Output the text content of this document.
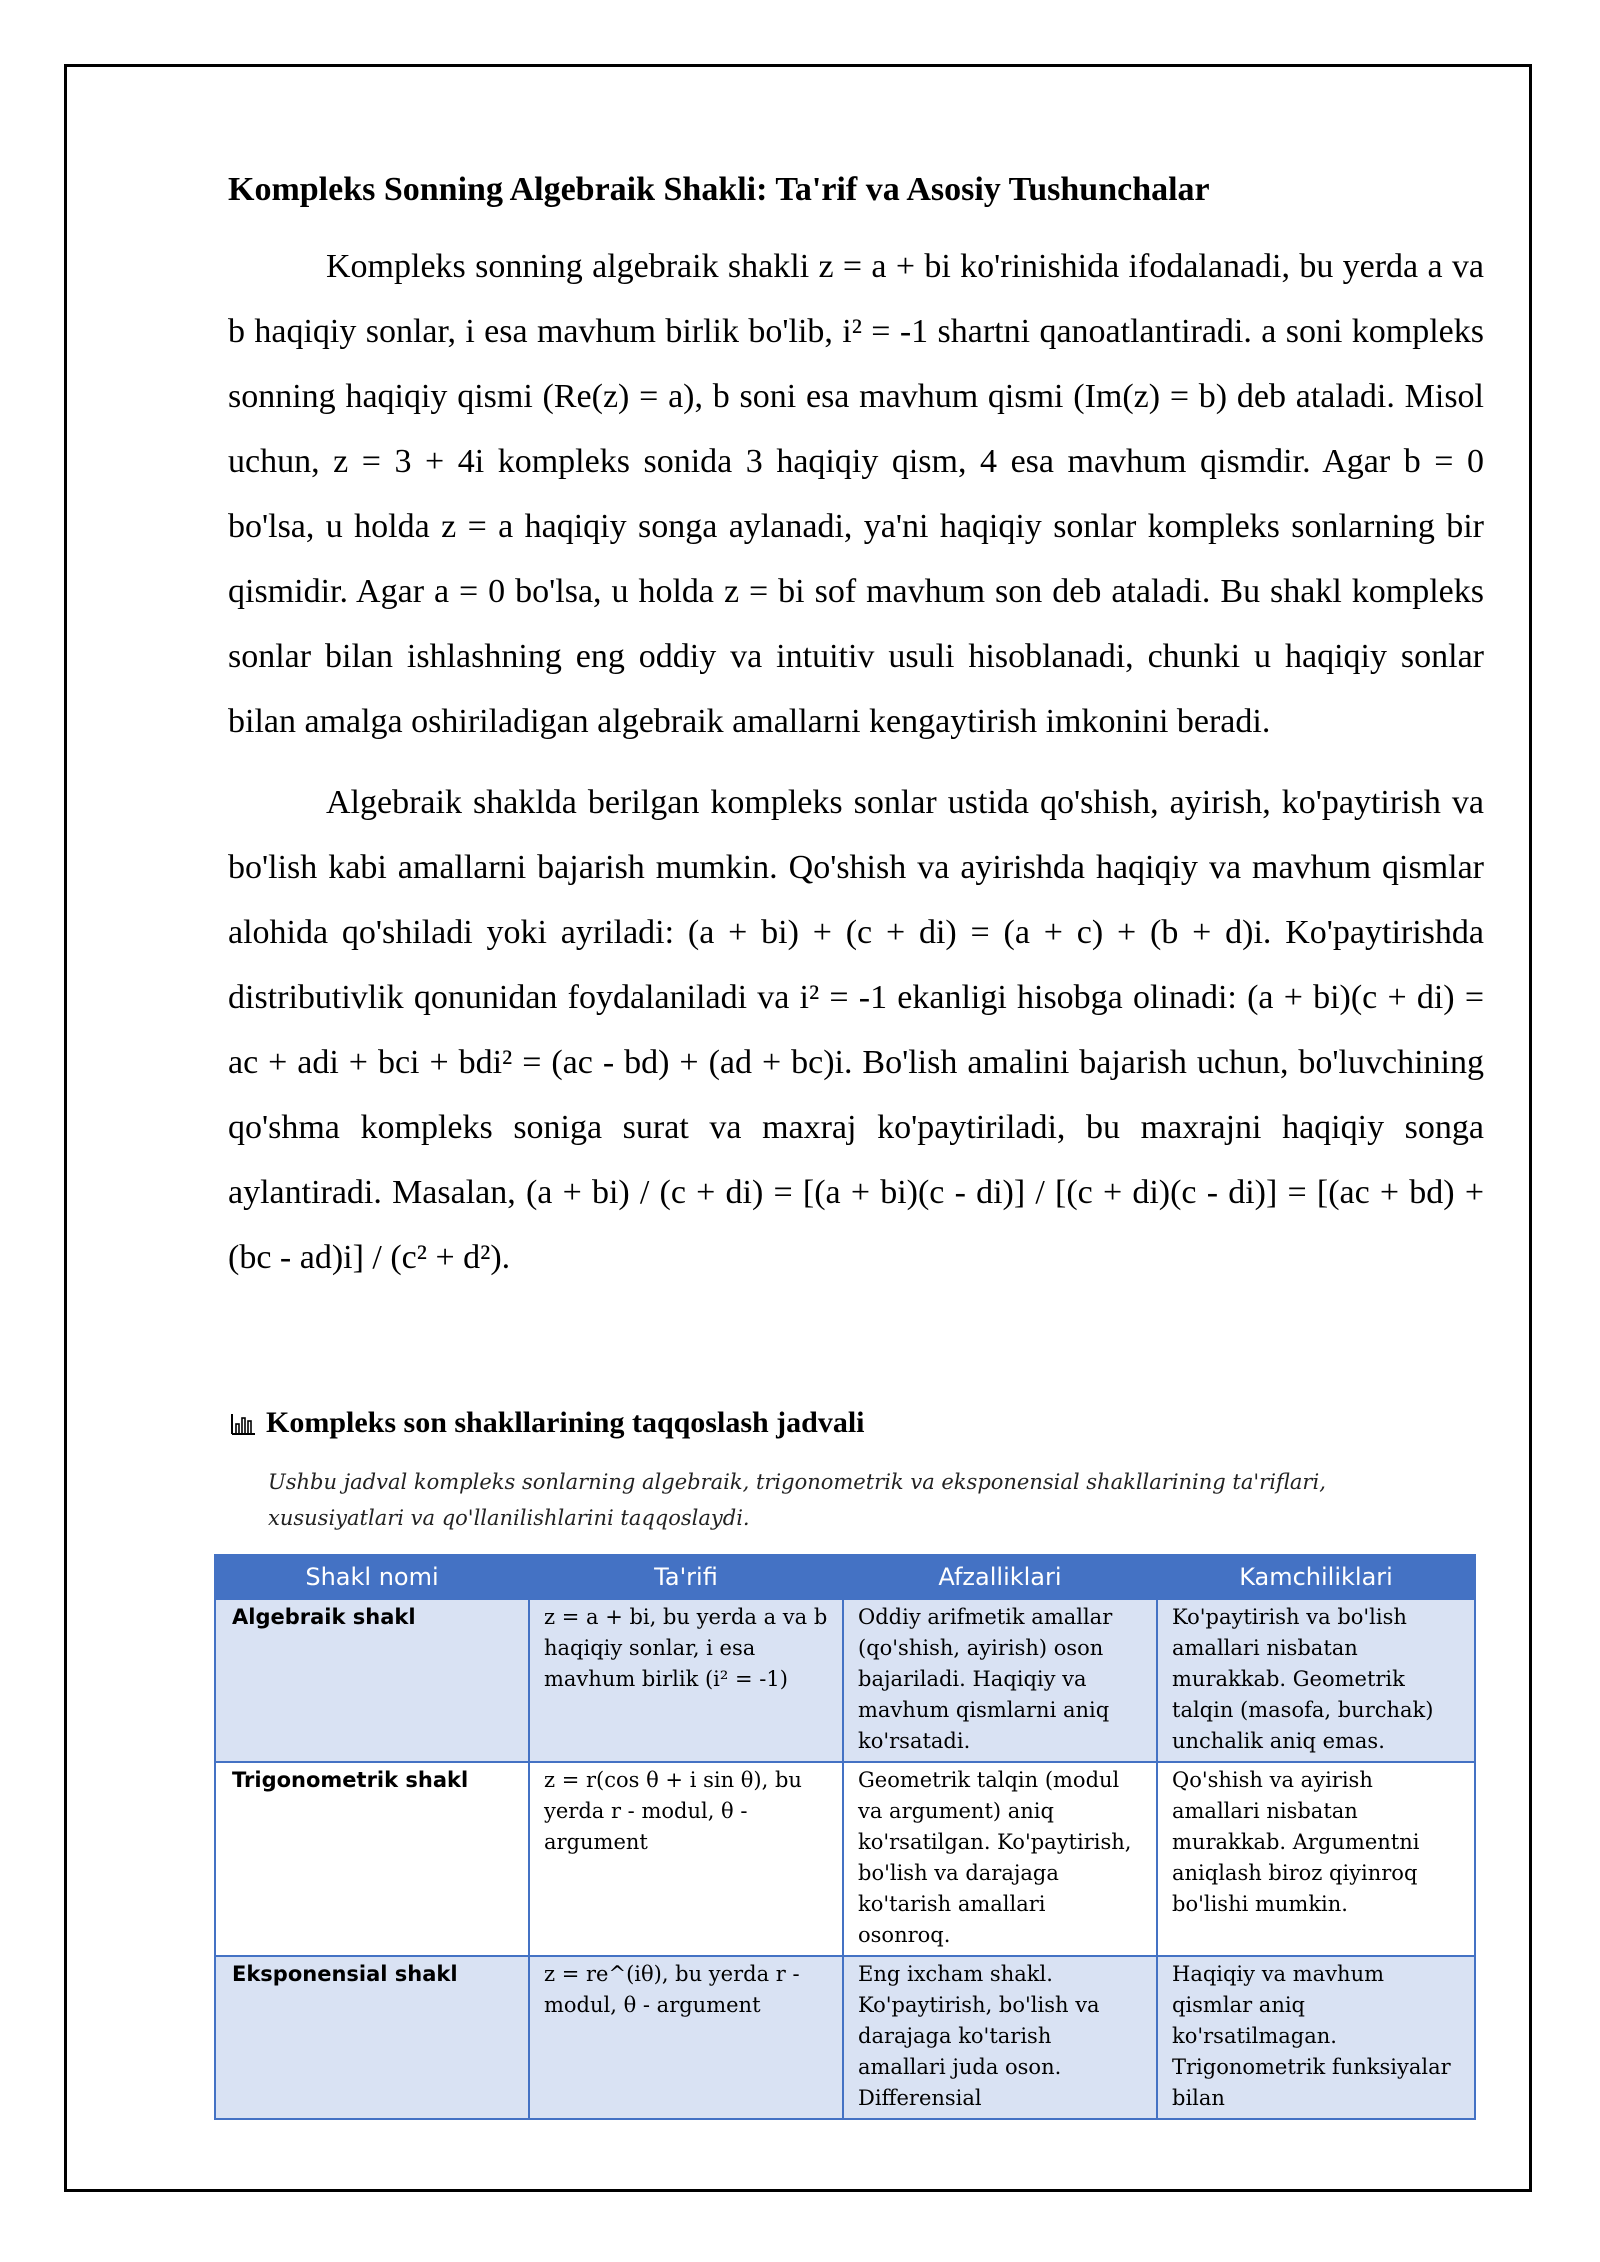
Kompleks Sonning Algebraik Shakli: Ta'rif va Asosiy Tushunchalar

Kompleks sonning algebraik shakli z = a + bi ko'rinishida ifodalanadi, bu yerda a va b haqiqiy sonlar, i esa mavhum birlik bo'lib, i² = -1 shartni qanoatlantiradi. a soni kompleks sonning haqiqiy qismi (Re(z) = a), b soni esa mavhum qismi (Im(z) = b) deb ataladi. Misol uchun, z = 3 + 4i kompleks sonida 3 haqiqiy qism, 4 esa mavhum qismdir. Agar b = 0 bo'lsa, u holda z = a haqiqiy songa aylanadi, ya'ni haqiqiy sonlar kompleks sonlarning bir qismidir. Agar a = 0 bo'lsa, u holda z = bi sof mavhum son deb ataladi. Bu shakl kompleks sonlar bilan ishlashning eng oddiy va intuitiv usuli hisoblanadi, chunki u haqiqiy sonlar bilan amalga oshiriladigan algebraik amallarni kengaytirish imkonini beradi.

Algebraik shaklda berilgan kompleks sonlar ustida qo'shish, ayirish, ko'paytirish va bo'lish kabi amallarni bajarish mumkin. Qo'shish va ayirishda haqiqiy va mavhum qismlar alohida qo'shiladi yoki ayriladi: (a + bi) + (c + di) = (a + c) + (b + d)i. Ko'paytirishda distributivlik qonunidan foydalaniladi va i² = -1 ekanligi hisobga olinadi: (a + bi)(c + di) = ac + adi + bci + bdi² = (ac - bd) + (ad + bc)i. Bo'lish amalini bajarish uchun, bo'luvchining qo'shma kompleks soniga surat va maxraj ko'paytiriladi, bu maxrajni haqiqiy songa aylantiradi. Masalan, (a + bi) / (c + di) = [(a + bi)(c - di)] / [(c + di)(c - di)] = [(ac + bd) + (bc - ad)i] / (c² + d²).

Kompleks son shakllarining taqqoslash jadvali
Ushbu jadval kompleks sonlarning algebraik, trigonometrik va eksponensial shakllarining ta'riflari, xususiyatlari va qo'llanilishlarini taqqoslaydi.
Shakl nomi	Ta'rifi	Afzalliklari	Kamchiliklari
Algebraik shakl	z = a + bi, bu yerda a va b haqiqiy sonlar, i esa mavhum birlik (i² = -1)	Oddiy arifmetik amallar (qo'shish, ayirish) oson bajariladi. Haqiqiy va mavhum qismlarni aniq ko'rsatadi.	Ko'paytirish va bo'lish amallari nisbatan murakkab. Geometrik talqin (masofa, burchak) unchalik aniq emas.
Trigonometrik shakl	z = r(cos θ + i sin θ), bu yerda r - modul, θ - argument	Geometrik talqin (modul va argument) aniq ko'rsatilgan. Ko'paytirish, bo'lish va darajaga ko'tarish amallari osonroq.	Qo'shish va ayirish amallari nisbatan murakkab. Argumentni aniqlash biroz qiyinroq bo'lishi mumkin.
Eksponensial shakl	z = re^(iθ), bu yerda r - modul, θ - argument	Eng ixcham shakl. Ko'paytirish, bo'lish va darajaga ko'tarish amallari juda oson. Differensial	Haqiqiy va mavhum qismlar aniq ko'rsatilmagan. Trigonometrik funksiyalar bilan
